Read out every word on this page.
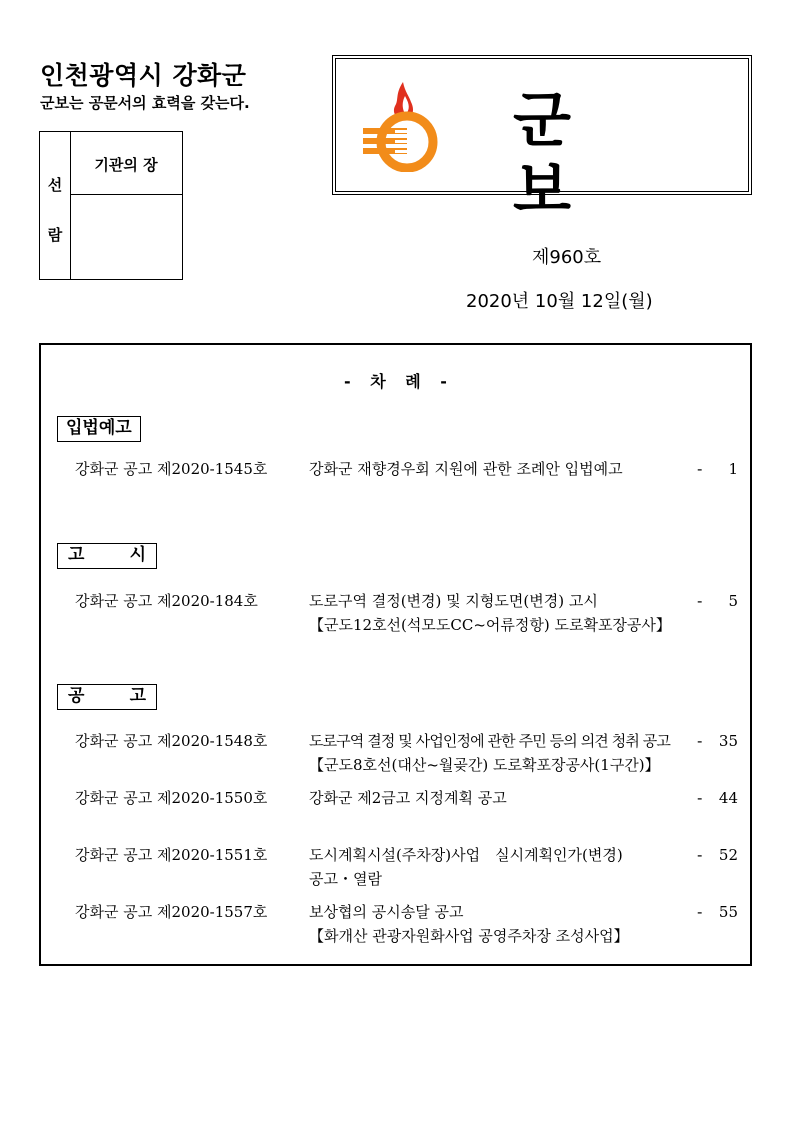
인천광역시 강화군
군보는 공문서의 효력을 갖는다.
선
람
기관의 장
군보
제960호
2020년 10월 12일(월)
- 차 례 -
입법예고
강화군 공고 제2020-1545호	강화군 재향경우회 지원에 관한 조례안 입법예고	- 1
고	시
강화군 공고 제2020-184호	도로구역 결정(변경) 및 지형도면(변경) 고시	- 5
【군도12호선(석모도CC~어류정항) 도로확포장공사】
공	고
강화군 공고 제2020-1548호	도로구역 결정 및 사업인정에 관한 주민 등의 의견 청취 공고 - 35
【군도8호선(대산~월곶간) 도로확포장공사(1구간)】
강화군 공고 제2020-1550호	강화군 제2금고 지정계획 공고	- 44
강화군 공고 제2020-1551호	도시계획시설(주차장)사업　실시계획인가(변경)	- 52
공고・열람
강화군 공고 제2020-1557호	보상협의 공시송달 공고	- 55
【화개산 관광자원화사업 공영주차장 조성사업】
